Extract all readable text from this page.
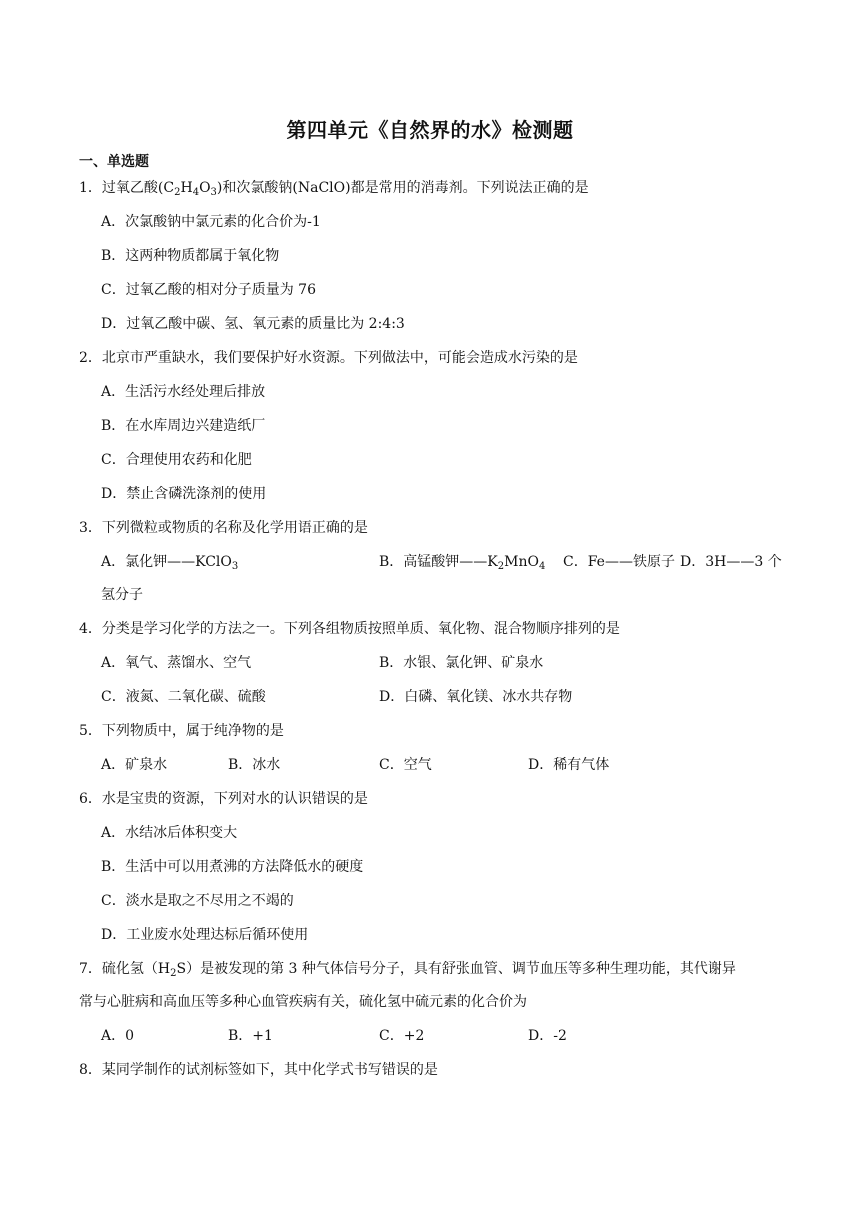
第四单元《自然界的水》检测题
一、单选题
1．过氧乙酸$(C_2H_4O_3)$和次氯酸钠(NaClO)都是常用的消毒剂。下列说法正确的是
A．次氯酸钠中氯元素的化合价为-1
B．这两种物质都属于氧化物
C．过氧乙酸的相对分子质量为 76
D．过氧乙酸中碳、氢、氧元素的质量比为 2:4:3
2．北京市严重缺水，我们要保护好水资源。下列做法中，可能会造成水污染的是
A．生活污水经处理后排放
B．在水库周边兴建造纸厂
C．合理使用农药和化肥
D．禁止含磷洗涤剂的使用
3．下列微粒或物质的名称及化学用语正确的是
A．氯化钾——KClO$_3$	B．高锰酸钾$——K_2MnO_4$ C．Fe——铁原子 D．3H——3 个
氢分子
4．分类是学习化学的方法之一。下列各组物质按照单质、氧化物、混合物顺序排列的是
A．氧气、蒸馏水、空气	B．水银、氯化钾、矿泉水
C．液氮、二氧化碳、硫酸	D．白磷、氧化镁、冰水共存物
5．下列物质中，属于纯净物的是
A．矿泉水	B．冰水	C．空气	D．稀有气体
6．水是宝贵的资源，下列对水的认识错误的是
A．水结冰后体积变大
B．生活中可以用煮沸的方法降低水的硬度
C．淡水是取之不尽用之不竭的
D．工业废水处理达标后循环使用
7．硫化氢$(H_2S)$是被发现的第 3 种气体信号分子，具有舒张血管、调节血压等多种生理功能，其代谢异
常与心脏病和高血压等多种心血管疾病有关，硫化氢中硫元素的化合价为
A．0	B．+1	C．+2	D．-2
8．某同学制作的试剂标签如下，其中化学式书写错误的是
